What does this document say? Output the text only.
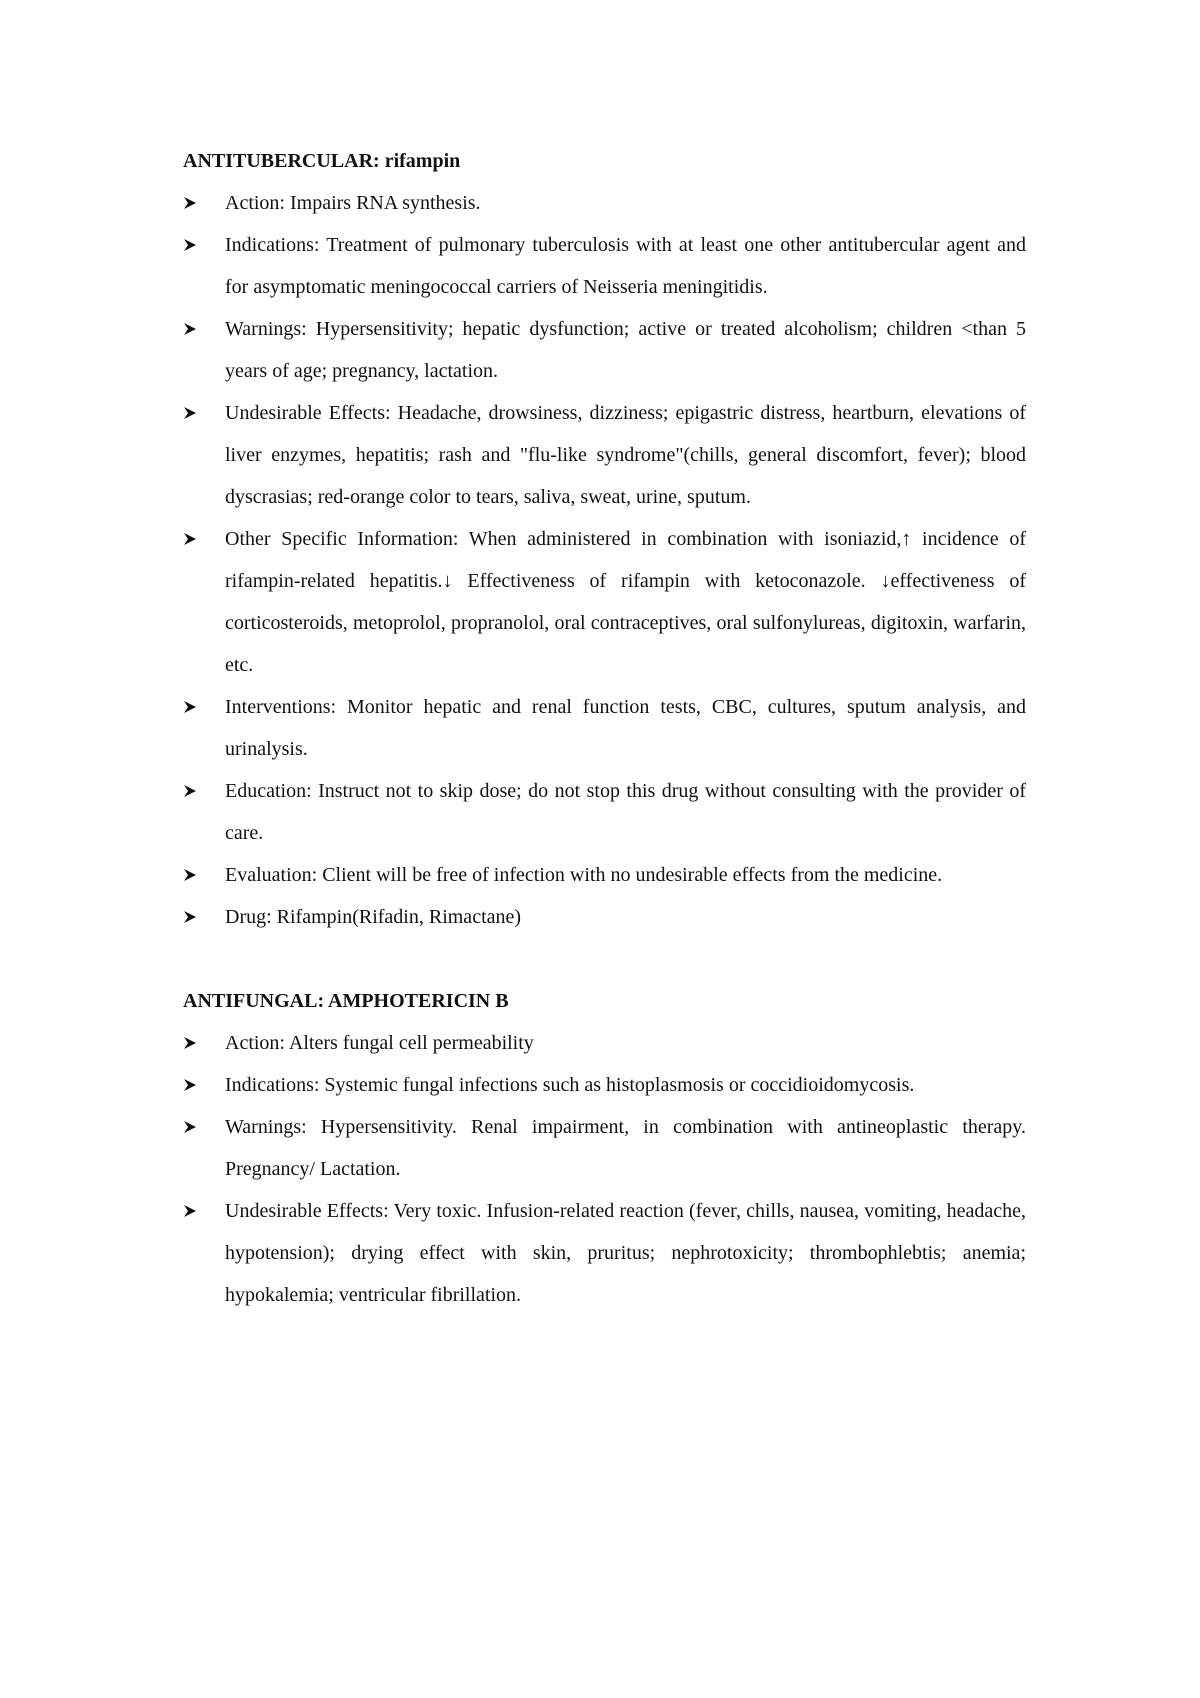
ANTITUBERCULAR: rifampin

Action: Impairs RNA synthesis.
Indications: Treatment of pulmonary tuberculosis with at least one other antitubercular agent and for asymptomatic meningococcal carriers of Neisseria meningitidis.
Warnings: Hypersensitivity; hepatic dysfunction; active or treated alcoholism; children <than 5 years of age; pregnancy, lactation.
Undesirable Effects: Headache, drowsiness, dizziness; epigastric distress, heartburn, elevations of liver enzymes, hepatitis; rash and "flu-like syndrome"(chills, general discomfort, fever); blood dyscrasias; red-orange color to tears, saliva, sweat, urine, sputum.
Other Specific Information: When administered in combination with isoniazid,↑ incidence of rifampin-related hepatitis.↓ Effectiveness of rifampin with ketoconazole. ↓effectiveness of corticosteroids, metoprolol, propranolol, oral contraceptives, oral sulfonylureas, digitoxin, warfarin, etc.
Interventions: Monitor hepatic and renal function tests, CBC, cultures, sputum analysis, and urinalysis.
Education: Instruct not to skip dose; do not stop this drug without consulting with the provider of care.
Evaluation: Client will be free of infection with no undesirable effects from the medicine.
Drug: Rifampin(Rifadin, Rimactane)

ANTIFUNGAL: AMPHOTERICIN B

Action: Alters fungal cell permeability
Indications: Systemic fungal infections such as histoplasmosis or coccidioidomycosis.
Warnings: Hypersensitivity. Renal impairment, in combination with antineoplastic therapy. Pregnancy/ Lactation.
Undesirable Effects: Very toxic. Infusion-related reaction (fever, chills, nausea, vomiting, headache, hypotension); drying effect with skin, pruritus; nephrotoxicity; thrombophlebtis; anemia; hypokalemia; ventricular fibrillation.
